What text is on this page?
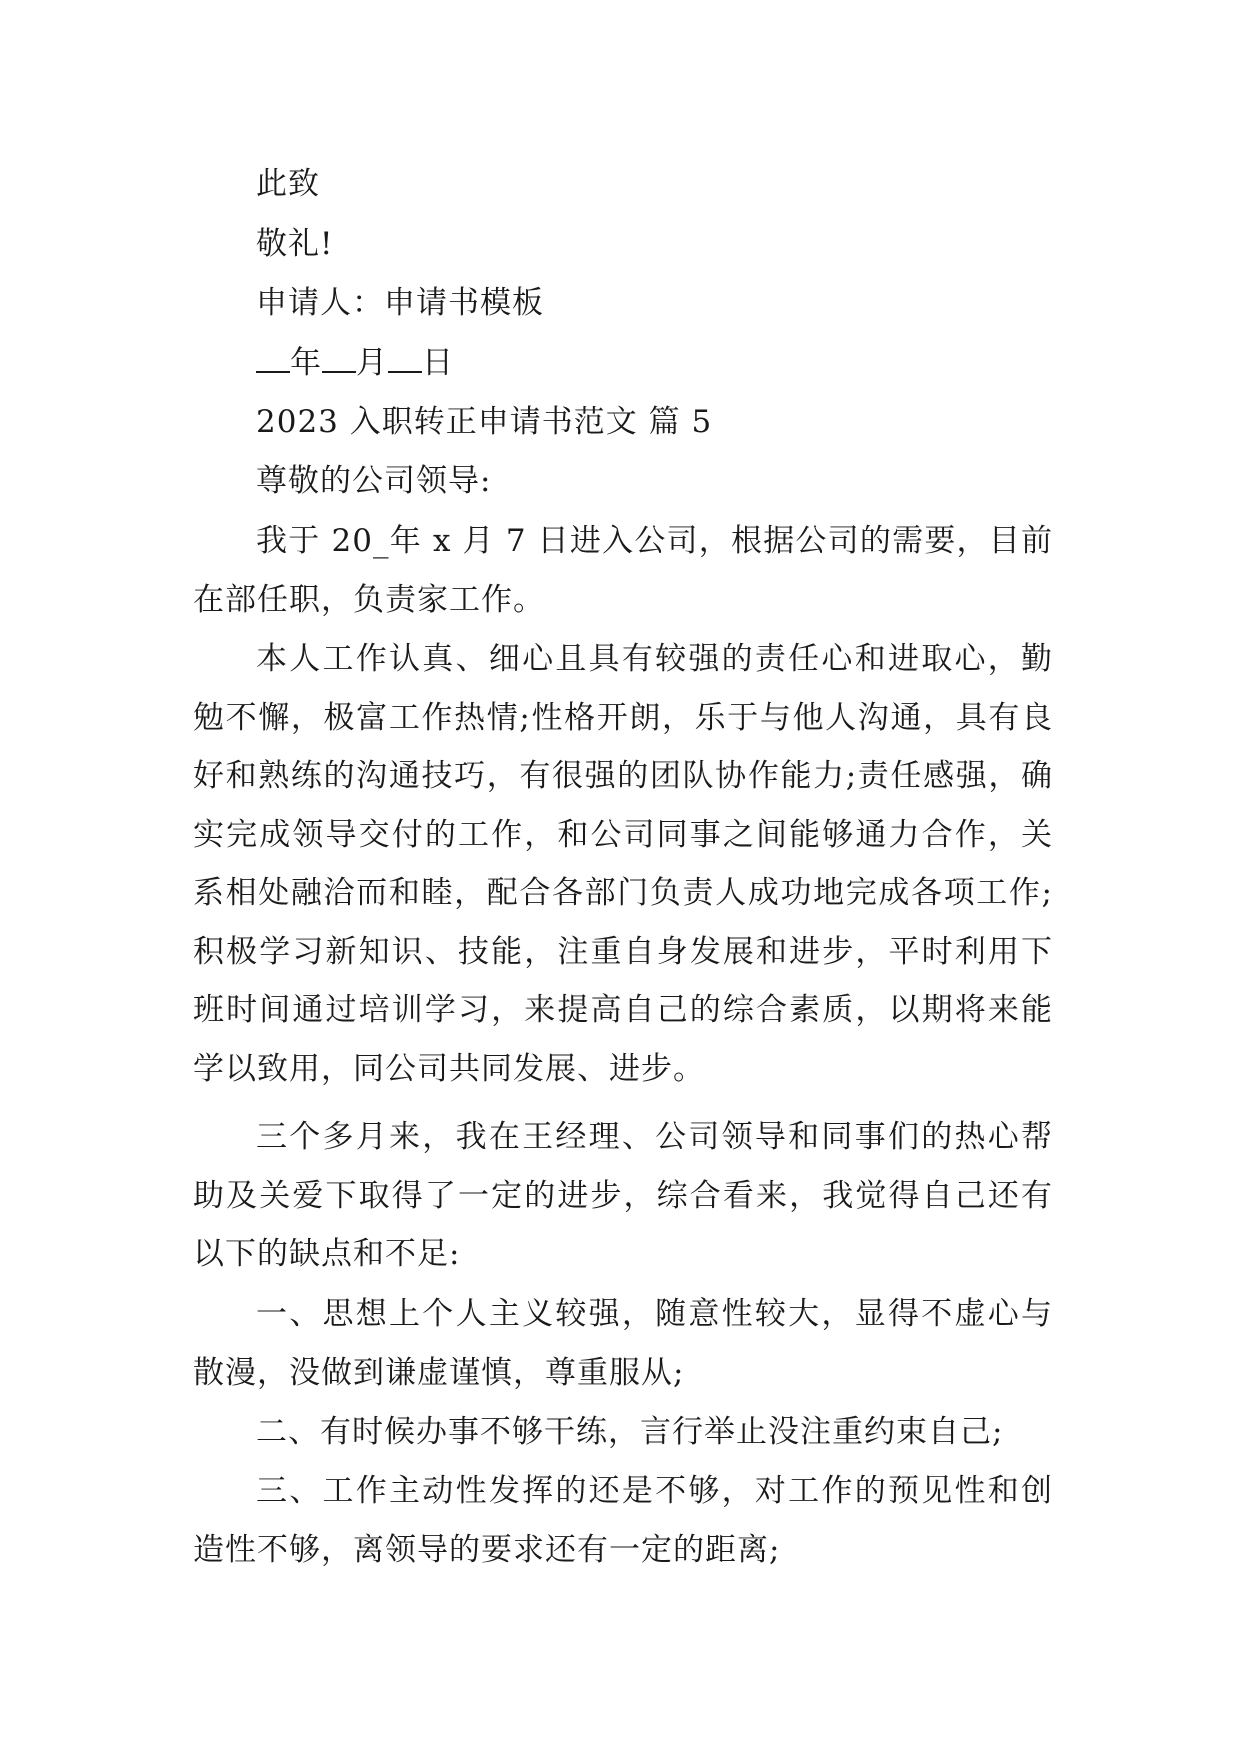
此致
敬礼!
申请人：申请书模板
年 月 日
2023 入职转正申请书范文 篇 5
尊敬的公司领导:
我于 20_年 x 月 7 日进入公司，根据公司的需要，目前在部任职，负责家工作。
本人工作认真、细心且具有较强的责任心和进取心，勤勉不懈，极富工作热情;性格开朗，乐于与他人沟通，具有良好和熟练的沟通技巧，有很强的团队协作能力;责任感强，确实完成领导交付的工作，和公司同事之间能够通力合作，关系相处融洽而和睦，配合各部门负责人成功地完成各项工作;积极学习新知识、技能，注重自身发展和进步，平时利用下班时间通过培训学习，来提高自己的综合素质，以期将来能学以致用，同公司共同发展、进步。
三个多月来，我在王经理、公司领导和同事们的热心帮助及关爱下取得了一定的进步，综合看来，我觉得自己还有以下的缺点和不足:
一、思想上个人主义较强，随意性较大，显得不虚心与散漫，没做到谦虚谨慎，尊重服从;
二、有时候办事不够干练，言行举止没注重约束自己;
三、工作主动性发挥的还是不够，对工作的预见性和创造性不够，离领导的要求还有一定的距离;
